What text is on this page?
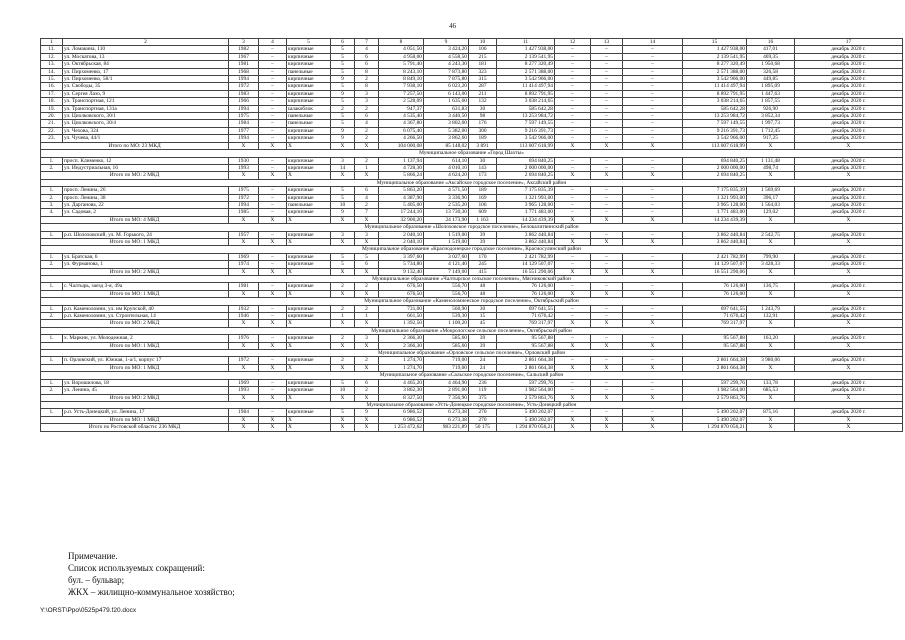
46
1	2	3	4	5	6	7	8	9	10	11	12	13	14	15	16	17
11.	ул. Ломакина, 110	1982	–	кирпичные	5	4	4 051,50	3 424,20	106	1 427 938,00	–	–	–	1 427 938,00	417,01	декабрь 2020 г.
12.	ул. Москатова, 13	1967	–	кирпичные	5	6	4 958,00	4 558,50	215	2 139 541,95	–	–	–	2 139 541,95	469,35	декабрь 2020 г.
13.	ул. Октябрьская, 84	1981	–	кирпичные	5	6	5 791,40	4 243,30	181	8 277 320,49	–	–	–	8 277 320,49	1 950,68	декабрь 2020 г.
14.	ул. Пирхоменко, 17	1968	–	панельные	5	8	8 243,10	7 873,80	323	2 571 388,00	–	–	–	2 571 388,00	326,58	декабрь 2020 г.
15.	ул. Пирхоменко, 58/1	1994	–	кирпичные	9	2	8 849,10	7 875,80	315	3 542 966,00	–	–	–	3 542 966,00	449,85	декабрь 2020 г.
16.	ул. Свободы, 35	1972	–	кирпичные	5	8	7 938,10	6 023,20	287	11 414 497,94	–	–	–	11 414 497,94	1 895,09	декабрь 2020 г.
17.	ул. Сергея Лазо, 9	1983	–	кирпичные	9	3	7 257,50	6 143,00	211	8 892 791,95	–	–	–	8 892 791,95	1 447,63	декабрь 2020 г.
18.	ул. Транспортная, 121	1966	–	кирпичные	5	3	2 528,09	1 635,60	132	3 038 214,65	–	–	–	3 038 214,65	1 857,55	декабрь 2020 г.
19.	ул. Транспортная, 131а	1994	–	шлакоблок	2	2	947,37	631,83	30	585 642,28	–	–	–	585 642,28	926,90	декабрь 2020 г.
20.	ул. Циолковского, 30/1	1975	–	панельные	5	6	4 535,40	3 440,50	98	13 253 984,72	–	–	–	13 253 984,72	3 852,34	декабрь 2020 г.
21.	ул. Циолковского, 30/4	1984	–	панельные	5	4	4 367,80	3 802,00	176	7 597 149,55	–	–	–	7 597 149,55	1 997,73	декабрь 2020 г.
22.	ул. Чехова, 324	1977	–	кирпичные	9	2	6 075,40	5 382,00	300	9 216 391,73	–	–	–	9 216 391,73	1 712,45	декабрь 2020 г.
23.	ул. Чучева, 44/1	1994	–	кирпичные	9	2	4 266,50	3 862,60	189	3 542 966,00	–	–	–	3 542 966,00	917,25	декабрь 2020 г.
Итого по МО: 23 МКД		X	X	X	X	X	104 000,08	85 148,02	3 891	113 007 618,99	X	X	X	113 007 618,99	X	X
Муниципальное образование «Город Шахты»																
1.	просп. Клименко, 12	1930	–	кирпичные	3	2	1 137,94	614,10	30	694 840,25	–	–	–	694 840,25	1 131,48	декабрь 2020 г.
2.	ул. Индустриальная, 16	1993	–	кирпичные	14	1	4 728,30	4 010,10	143	2 000 000,00	–	–	–	2 000 000,00	498,74	декабрь 2020 г.
Итого по МО: 2 МКД		X	X	X	X	X	5 866,24	4 624,20	173	2 694 840,25	X	X	X	2 694 840,25	X	X
Муниципальное образование «Аксайское городское поселение», Аксайский район																
1.	просп. Ленина, 26	1975	–	кирпичные	5	6	5 863,20	4 571,50	189	7 175 835,39	–	–	–	7 175 835,39	1 569,69	декабрь 2020 г.
2.	просп. Ленина, 38	1972	–	кирпичные	5	4	4 387,90	3 336,90	169	1 321 993,00	–	–	–	1 321 993,00	396,17	декабрь 2020 г.
3.	ул. Дарганова, 22	1994	–	панельные	10	2	5 405,00	2 535,20	106	3 965 128,00	–	–	–	3 965 128,00	1 564,03	декабрь 2020 г.
4.	ул. Садовая, 2	1985	–	кирпичные	9	7	17 244,10	13 730,30	609	1 771 483,00	–	–	–	1 771 483,00	129,02	декабрь 2020 г.
Итого по МО: 4 МКД		X	X	X	X	X	32 900,20	24 173,90	1 163	14 234 439,39	X	X	X	14 234 439,39	X	X
Муниципальное образование «Шолоховское городское поселение», Белокалитвинский район																
1.	р.п. Шолоховский, ул. М. Горького, 24	1957	–	кирпичные	3	3	2 040,10	1 519,00	39	3 862 440,84	–	–	–	3 862 440,84	2 542,75	декабрь 2020 г.
Итого по МО: 1 МКД		X	X	X	X	X	2 040,10	1 519,00	39	3 862 440,84	X	X	X	3 862 440,84	X	X
Муниципальное образование «Краснодонецкое городское поселение», Красносулинский район																
1.	ул. Братская, 6	1969	–	кирпичные	5	5	3 397,60	3 027,60	170	2 421 782,99	–	–	–	2 421 782,99	799,90	декабрь 2020 г.
2.	ул. Фурманова, 1	1974	–	кирпичные	5	6	5 734,80	4 121,40	245	14 129 507,07	–	–	–	14 129 507,07	3 428,33	декабрь 2020 г.
Итого по МО: 2 МКД		X	X	X	X	X	9 132,40	7 149,00	415	16 551 290,06	X	X	X	16 551 290,06	X	X
Муниципальное образование «Чалтырское сельское поселение», Мясниковский район																
1.	с. Чалтырь, заезд 3-я, 49а	1981	–	кирпичные	2	2	676,50	556,70	48	76 126,00	–	–	–	76 126,00	136,75	декабрь 2020 г.
Итого по МО: 1 МКД		X	X	X	X	X	676,50	556,70	48	76 126,00	X	X	X	76 126,00	X	X
Муниципальное образование «Каменоломненское городское поселение», Октябрьский район																
1.	р.п. Каменоломни, ул. им Крупской, 40	1932	–	кирпичные	2	2	731,00	560,90	30	697 641,55	–	–	–	697 641,55	1 243,79	декабрь 2020 г.
2.	р.п. Каменоломни, ул. Строительная, 14	1946	–	кирпичные	1	1	661,50	539,30	15	71 676,42	–	–	–	71 676,42	132,91	декабрь 2020 г.
Итого по МО: 2 МКД		X	X	X	X	X	1 392,50	1 100,20	45	769 317,97	X	X	X	769 317,97	X	X
Муниципальное образование «Мокрологское сельское поселение», Октябрьский район																
1.	х. Маркин, ул. Молодежная, 2	1976	–	кирпичные	2	3	2 366,30	585,60	39	95 567,88	–	–	–	95 567,88	163,20	декабрь 2020 г.
Итого по МО: 1 МКД		X	X	X	X	X	2 366,30	585,60	39	95 567,88	X	X	X	95 567,88	X	X
Муниципальное образование «Орловское сельское поселение», Орловский район																
1.	п. Орловский, ул. Южная, 1-а/1, корпус 17	1972	–	кирпичные	2	2	1 274,70	719,00	24	2 861 664,38	–	–	–	2 861 664,38	3 980,06	декабрь 2020 г.
Итого по МО: 1 МКД		X	X	X	X	X	1 274,70	719,00	24	2 861 664,38	X	X	X	2 861 664,38	X	X
Муниципальное образование «Сальское городское поселение», Сальский район																
1.	ул. Ворошилова, 18	1969	–	кирпичные	5	6	4 465,20	4 464,90	236	597 299,76	–	–	–	597 299,76	133,78	декабрь 2020 г.
2.	ул. Ленина, 45	1993	–	кирпичные	10	2	3 862,30	2 891,00	119	1 982 564,00	–	–	–	1 982 564,00	685,53	декабрь 2020 г.
Итого по МО: 2 МКД		X	X	X	X	X	8 327,50	7 356,90	375	2 579 863,76	X	X	X	2 579 863,76	X	X
Муниципальное образование «Усть-Донецкое городское поселение», Усть-Донецкий район																
1.	р.п. Усть-Донецкий, ул. Ленина, 17	1984	–	кирпичные	5	9	6 986,52	6 273,38	270	5 490 202,07	–	–	–	5 490 202,07	875,16	декабрь 2020 г.
Итого по МО: 1 МКД		X	X	X	X	X	6 986,52	6 273,38	270	5 490 202,07	X	X	X	5 490 202,07	X	X
Итого по Ростовской области: 236 МКД		X	X	X	X	X	1 253 472,62	983 221,89	50 175	1 294 870 056,21	X	X	X	1 294 870 056,21	X	X
Примечание.
Список используемых сокращений:
бул. – бульвар;
ЖКХ – жилищно-коммунальное хозяйство;
Y:\ORST\Ppo\0525p479.f20.docx
